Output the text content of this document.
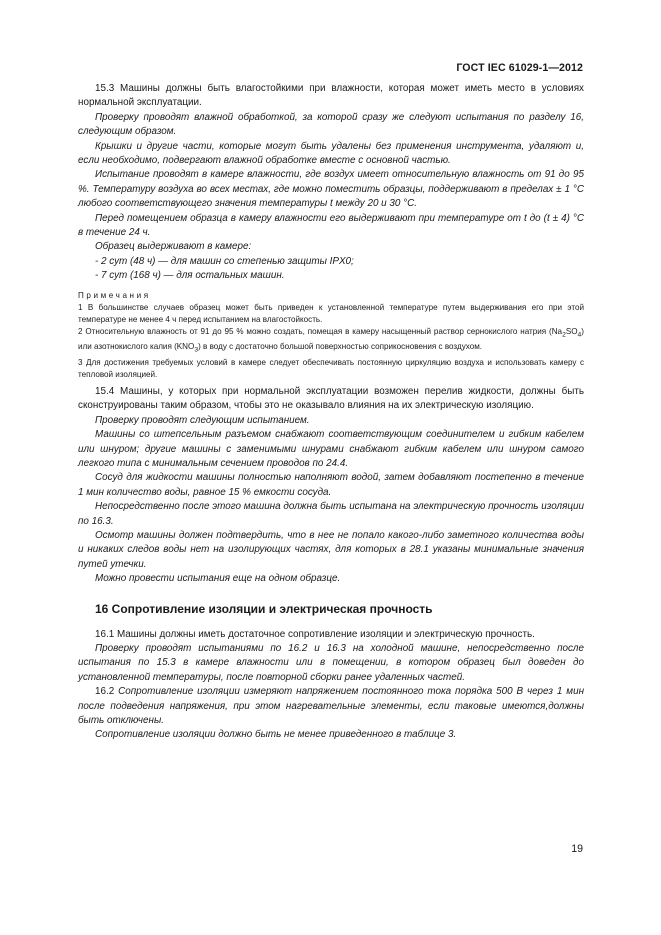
ГОСТ IEC 61029-1—2012

15.3 Машины должны быть влагостойкими при влажности, которая может иметь место в условиях нормальной эксплуатации.

Проверку проводят влажной обработкой, за которой сразу же следуют испытания по разделу 16, следующим образом.

Крышки и другие части, которые могут быть удалены без применения инструмента, удаляют и, если необходимо, подвергают влажной обработке вместе с основной частью.

Испытание проводят в камере влажности, где воздух имеет относительную влажность от 91 до 95 %. Температуру воздуха во всех местах, где можно поместить образцы, поддерживают в пределах ± 1 °С любого соответствующего значения температуры t между 20 и 30 °С.

Перед помещением образца в камеру влажности его выдерживают при температуре от t до (t ± 4) °С в течение 24 ч.

Образец выдерживают в камере:

- 2 сут (48 ч) — для машин со степенью защиты IPX0;

- 7 сут (168 ч) — для остальных машин.

Примечания

1 В большинстве случаев образец может быть приведен к установленной температуре путем выдерживания его при этой температуре не менее 4 ч перед испытанием на влагостойкость.

2 Относительную влажность от 91 до 95 % можно создать, помещая в камеру насыщенный раствор сернокислого натрия $(Na_2SO_4)$ или азотнокислого калия $(KNO_3)$ в воду с достаточно большой поверхностью соприкосновения с воздухом.

3 Для достижения требуемых условий в камере следует обеспечивать постоянную циркуляцию воздуха и использовать камеру с тепловой изоляцией.

15.4 Машины, у которых при нормальной эксплуатации возможен перелив жидкости, должны быть сконструированы таким образом, чтобы это не оказывало влияния на их электрическую изоляцию.

Проверку проводят следующим испытанием.

Машины со штепсельным разъемом снабжают соответствующим соединителем и гибким кабелем или шнуром; другие машины с заменимыми шнурами снабжают гибким кабелем или шнуром самого легкого типа с минимальным сечением проводов по 24.4.

Сосуд для жидкости машины полностью наполняют водой, затем добавляют постепенно в течение 1 мин количество воды, равное 15 % емкости сосуда.

Непосредственно после этого машина должна быть испытана на электрическую прочность изоляции по 16.3.

Осмотр машины должен подтвердить, что в нее не попало какого-либо заметного количества воды и никаких следов воды нет на изолирующих частях, для которых в 28.1 указаны минимальные значения путей утечки.

Можно провести испытания еще на одном образце.

16 Сопротивление изоляции и электрическая прочность

16.1 Машины должны иметь достаточное сопротивление изоляции и электрическую прочность.

Проверку проводят испытаниями по 16.2 и 16.3 на холодной машине, непосредственно после испытания по 15.3 в камере влажности или в помещении, в котором образец был доведен до установленной температуры, после повторной сборки ранее удаленных частей.

16.2 Сопротивление изоляции измеряют напряжением постоянного тока порядка 500 В через 1 мин после подведения напряжения, при этом нагревательные элементы, если таковые имеются,должны быть отключены.

Сопротивление изоляции должно быть не менее приведенного в таблице 3.

19
